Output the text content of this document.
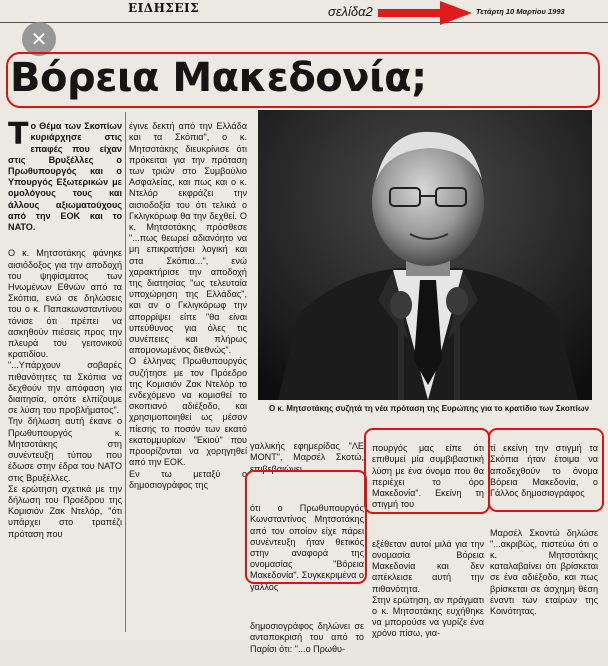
ΕΙΔΗΣΕΙΣ	σελίδα2	Τετάρτη 10 Μαρτίου 1993
✕
Βόρεια Μακεδονία;

Το Θέμα των Σκοπίων κυριάρχησε στις επαφές που είχαν στις Βρυξέλλες ο Πρωθυπουργός και ο Υπουργός Εξωτερικών με ομολόγους τους και άλλους αξιωματούχους από την ΕΟΚ και το ΝΑΤΟ.

Ο κ. Μητσοτάκης φάνηκε αισιόδοξος για την αποδοχή του ψηφίσματος των Ηνωμένων Εθνών από τα Σκόπια, ενώ σε δηλώσεις του ο κ. Παπακωνσταντίνου τόνισε ότι πρέπει να ασκηθούν πιέσεις προς την πλευρά του γειτονικού κρατιδίου.
"...Υπάρχουν σοβαρές πιθανότητες τα Σκόπια να δεχθούν την απόφαση για διαιτησία, οπότε ελπίζουμε σε λύση του προβλήματος".
Την δήλωση αυτή έκανε ο Πρωθυπουργός κ. Μητσοτάκης στη συνέντευξη τύπου που έδωσε στην έδρα του ΝΑΤΟ στις Βρυξέλλες.
Σε ερώτηση σχετικά με την δήλωση του Προέδρου της Κομισιόν Ζακ Ντελόρ, "ότι υπάρχει στο τραπέζι πρόταση που

έγινε δεκτή από την Ελλάδα και τα Σκόπια", ο κ. Μητσοτάκης διευκρίνισε ότι πρόκειται για την πρόταση των τριών στο Συμβούλιο Ασφαλείας, και πως και ο κ. Ντελόρ εκφράζει την αισιοδοξία του ότι τελικά ο Γκλιγκόρωφ θα την δεχθεί. Ο κ. Μητσοτάκης πρόσθεσε "...πως θεωρεί αδιανόητο να μη επικρατήσει λογική και στα Σκόπια...", ενώ χαρακτήρισε την αποδοχή της διατησίας "ως τελευταία υποχώρηση της Ελλάδας", και αν ο Γκλιγκόρωφ την απορρίψει είπε "θα είναι υπεύθυνος για όλες τις συνέπειες και πλήρως απομονωμένος διεθνώς".
Ο έλληνας Πρωθυπουργός συζήτησε με τον Πρόεδρο της Κομισιόν Ζακ Ντελόρ το ενδεχόμενο να κομισθεί το σκοπιανό αδιέξοδο, και χρησιμοποιηθεί ως μέσον πίεσης το ποσόν των εκατό εκατομμυρίων "Εκιού" που προορίζονται να χορηγηθεί από την ΕΟΚ.
Εν τω μεταξύ ο δημοσιογράφος της

Ο κ. Μητσοτάκης συζητά τη νέα πρόταση της Ευρώπης για το κρατίδιο των Σκοπίων

γαλλικής εφημερίδας "ΛΕ ΜΟΝΤ", Μαρσέλ Σκοτώ, επιβεβαιώνει

ότι ο Πρωθυπουργός Κωνσταντίνος Μητσοτάκης από τον οποίον είχε πάρει συνέντευξη ήταν θετικός στην αναφορά της ονομασίας "Βόρεια Μακεδονία". Συγκεκριμένα ο γάλλος

δημοσιογράφος δηλώνει σε ανταποκρισή του από το Παρίσι ότι: "...ο Πρωθυ-

πουργός μας είπε ότι επιθυμεί μία συμβιβαστική λύση με ένα όνομα που θα περιέχει το όρο Μακεδονία". Εκείνη τη στιγμή του

εξέθεταν αυτοί μιλά για την ονομασία Βόρεια Μακεδονία και δεν απέκλεισε αυτή την πιθανότητα.
Στην ερώτηση, αν πράγματι ο κ. Μητσοτάκης ευχήθηκε να μπορούσε να γυρίζε ένα χρόνο πίσω, για-

τί εκείνη την στιγμή τα Σκόπια ήταν έτοιμα να αποδεχθούν το όνομα Βόρεια Μακεδονία, ο Γάλλος δημοσιογράφος

Μαρσέλ Σκοντώ δηλώσε "...ακριβώς, πιστεύω ότι ο κ. Μητσοτάκης καταλαβαίνει ότι βρίσκεται σε ένα αδιέξοδο, και πως βρίσκεται σε άσχημη θέση έναντι των εταίρων της Κοινότητας.
